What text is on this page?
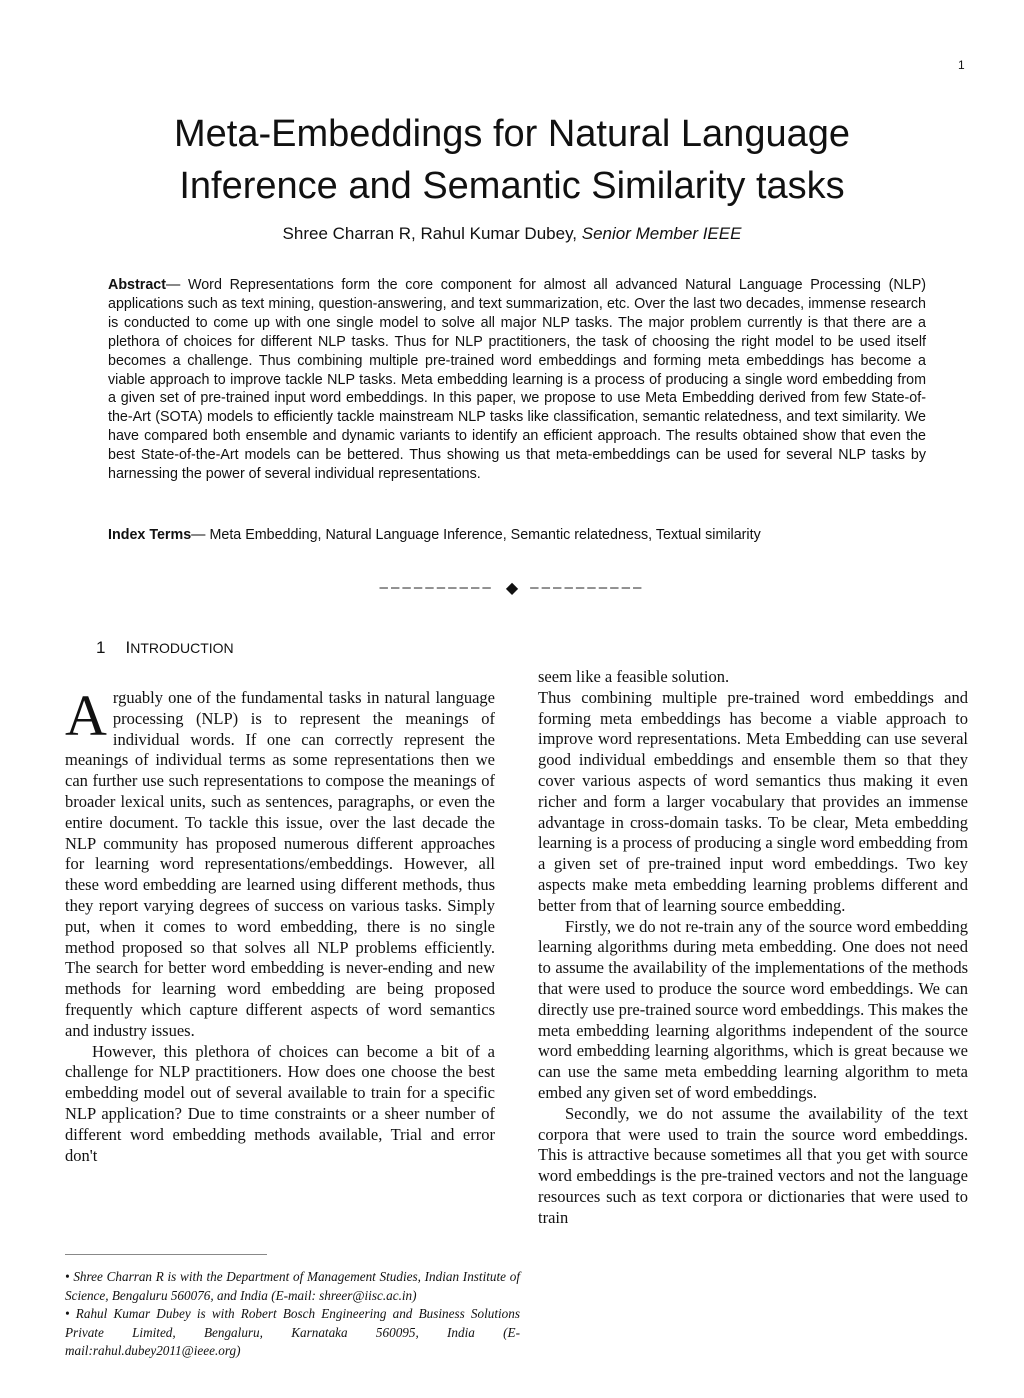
1
Meta-Embeddings for Natural Language
Inference and Semantic Similarity tasks
Shree Charran R, Rahul Kumar Dubey, Senior Member IEEE

Abstract— Word Representations form the core component for almost all advanced Natural Language Processing (NLP) applications such as text mining, question-answering, and text summarization, etc. Over the last two decades, immense research is conducted to come up with one single model to solve all major NLP tasks. The major problem currently is that there are a plethora of choices for different NLP tasks. Thus for NLP practitioners, the task of choosing the right model to be used itself becomes a challenge. Thus combining multiple pre-trained word embeddings and forming meta embeddings has become a viable approach to improve tackle NLP tasks. Meta embedding learning is a process of producing a single word embedding from a given set of pre-trained input word embeddings. In this paper, we propose to use Meta Embedding derived from few State-of-the-Art (SOTA) models to efficiently tackle mainstream NLP tasks like classification, semantic relatedness, and text similarity. We have compared both ensemble and dynamic variants to identify an efficient approach. The results obtained show that even the best State-of-the-Art models can be bettered. Thus showing us that meta-embeddings can be used for several NLP tasks by harnessing the power of several individual representations.

Index Terms— Meta Embedding, Natural Language Inference, Semantic relatedness, Textual similarity

—————————— ◆ ——————————
1 INTRODUCTION

Arguably one of the fundamental tasks in natural language processing (NLP) is to represent the meanings of individual words. If one can correctly represent the meanings of individual terms as some representations then we can further use such representations to compose the meanings of broader lexical units, such as sentences, paragraphs, or even the entire document. To tackle this issue, over the last decade the NLP community has proposed numerous different approaches for learning word representations/embeddings. However, all these word embedding are learned using different methods, thus they report varying degrees of success on various tasks. Simply put, when it comes to word embedding, there is no single method proposed so that solves all NLP problems efficiently. The search for better word embedding is never-ending and new methods for learning word embedding are being proposed frequently which capture different aspects of word semantics and industry issues.

However, this plethora of choices can become a bit of a challenge for NLP practitioners. How does one choose the best embedding model out of several available to train for a specific NLP application? Due to time constraints or a sheer number of different word embedding methods available, Trial and error don't

seem like a feasible solution.

Thus combining multiple pre-trained word embeddings and forming meta embeddings has become a viable approach to improve word representations. Meta Embedding can use several good individual embeddings and ensemble them so that they cover various aspects of word semantics thus making it even richer and form a larger vocabulary that provides an immense advantage in cross-domain tasks. To be clear, Meta embedding learning is a process of producing a single word embedding from a given set of pre-trained input word embeddings. Two key aspects make meta embedding learning problems different and better from that of learning source embedding.

Firstly, we do not re-train any of the source word embedding learning algorithms during meta embedding. One does not need to assume the availability of the implementations of the methods that were used to produce the source word embeddings. We can directly use pre-trained source word embeddings. This makes the meta embedding learning algorithms independent of the source word embedding learning algorithms, which is great because we can use the same meta embedding learning algorithm to meta embed any given set of word embeddings.

Secondly, we do not assume the availability of the text corpora that were used to train the source word embeddings. This is attractive because sometimes all that you get with source word embeddings is the pre-trained vectors and not the language resources such as text corpora or dictionaries that were used to train

• Shree Charran R is with the Department of Management Studies, Indian Institute of Science, Bengaluru 560076, and India (E-mail: shreer@iisc.ac.in)

• Rahul Kumar Dubey is with Robert Bosch Engineering and Business Solutions Private Limited, Bengaluru, Karnataka 560095, India (E-mail:rahul.dubey2011@ieee.org)
